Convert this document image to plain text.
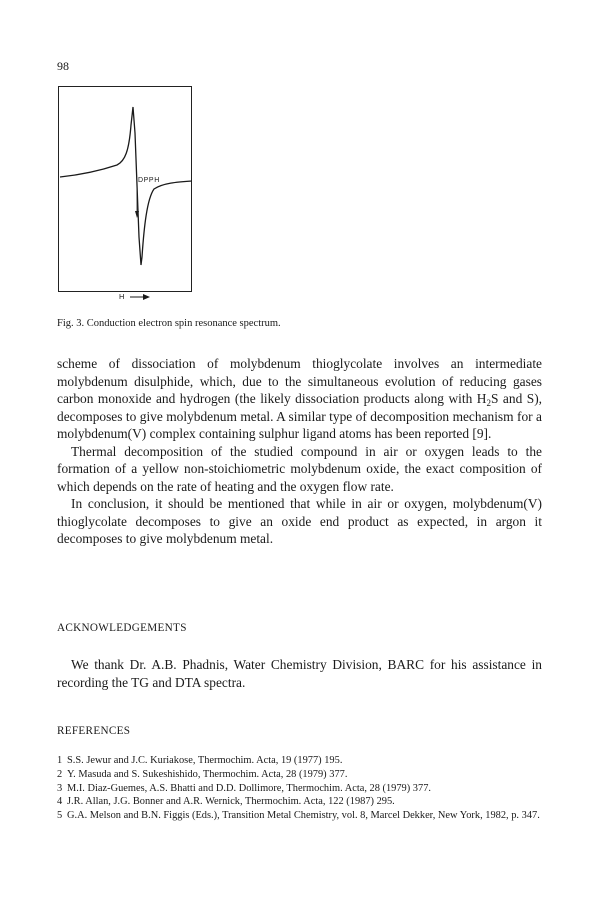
98
DPPH
H
Fig. 3. Conduction electron spin resonance spectrum.

scheme of dissociation of molybdenum thioglycolate involves an intermediate molybdenum disulphide, which, due to the simultaneous evolution of reducing gases carbon monoxide and hydrogen (the likely dissociation products along with $H_2S$ and S), decomposes to give molybdenum metal. A similar type of decomposition mechanism for a molybdenum(V) complex containing sulphur ligand atoms has been reported [9].

Thermal decomposition of the studied compound in air or oxygen leads to the formation of a yellow non-stoichiometric molybdenum oxide, the exact composition of which depends on the rate of heating and the oxygen flow rate.

In conclusion, it should be mentioned that while in air or oxygen, molybdenum(V) thioglycolate decomposes to give an oxide end product as expected, in argon it decomposes to give molybdenum metal.

ACKNOWLEDGEMENTS

We thank Dr. A.B. Phadnis, Water Chemistry Division, BARC for his assistance in recording the TG and DTA spectra.

REFERENCES
1 S.S. Jewur and J.C. Kuriakose, Thermochim. Acta, 19 (1977) 195.
2 Y. Masuda and S. Sukeshishido, Thermochim. Acta, 28 (1979) 377.
3 M.I. Diaz-Guemes, A.S. Bhatti and D.D. Dollimore, Thermochim. Acta, 28 (1979) 377.
4 J.R. Allan, J.G. Bonner and A.R. Wernick, Thermochim. Acta, 122 (1987) 295.
5 G.A. Melson and B.N. Figgis (Eds.), Transition Metal Chemistry, vol. 8, Marcel Dekker, New York, 1982, p. 347.
